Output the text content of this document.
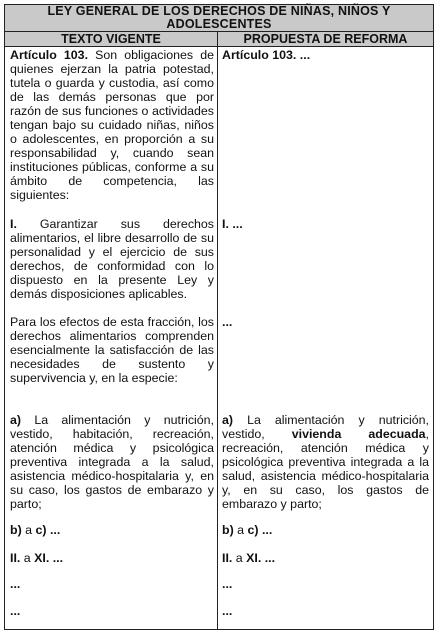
LEY GENERAL DE LOS DERECHOS DE NIÑAS, NIÑOS Y
ADOLESCENTES
TEXTO VIGENTE	PROPUESTA DE REFORMA

Artículo 103. Son obligaciones de quienes ejerzan la patria potestad, tutela o guarda y custodia, así como de las demás personas que por razón de sus funciones o actividades tengan bajo su cuidado niñas, niños o adolescentes, en proporción a su responsabilidad y, cuando sean instituciones públicas, conforme a su ámbito de competencia, las siguientes:

I. Garantizar sus derechos alimentarios, el libre desarrollo de su personalidad y el ejercicio de sus derechos, de conformidad con lo dispuesto en la presente Ley y demás disposiciones aplicables.

Para los efectos de esta fracción, los derechos alimentarios comprenden esencialmente la satisfacción de las necesidades de sustento y supervivencia y, en la especie:

a) La alimentación y nutrición, vestido, habitación, recreación, atención médica y psicológica preventiva integrada a la salud, asistencia médico-hospitalaria y, en su caso, los gastos de embarazo y parto;

b) a c) ...

II. a XI. ...

...

...

Artículo 103. ...

I. ...

...

a) La alimentación y nutrición, vestido, vivienda adecuada, recreación, atención médica y psicológica preventiva integrada a la salud, asistencia médico-hospitalaria y, en su caso, los gastos de embarazo y parto;

b) a c) ...

II. a XI. ...

...

...
